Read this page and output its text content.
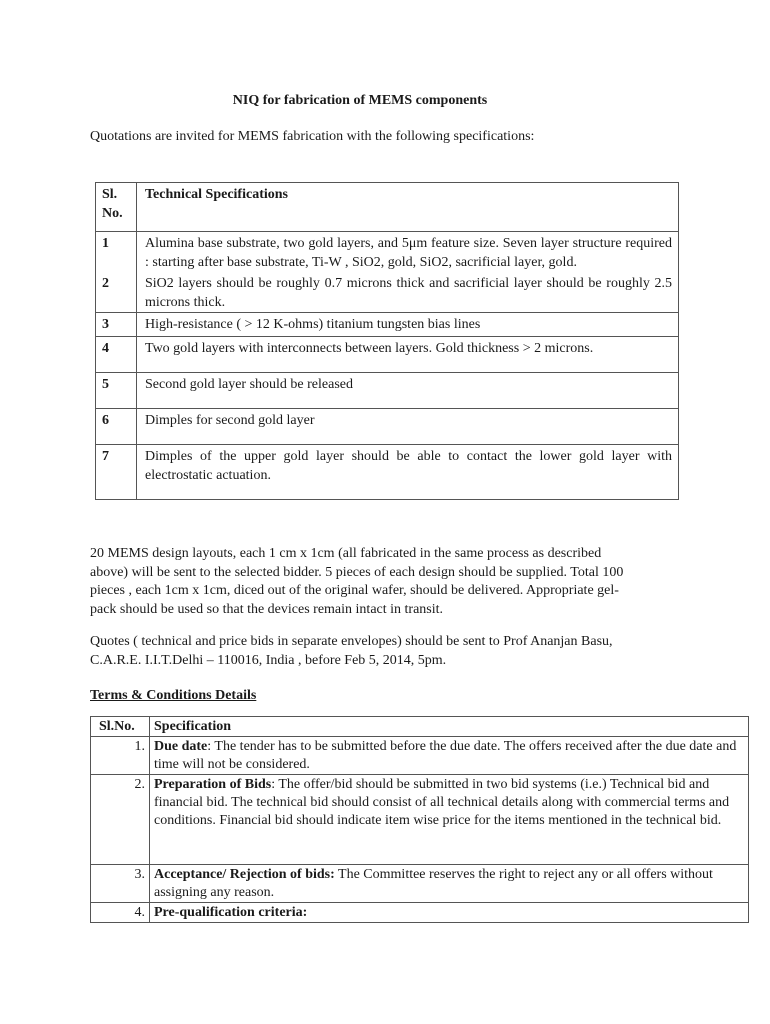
NIQ for fabrication of MEMS components
Quotations are invited for MEMS fabrication with the following specifications:
Sl.
No.	Technical Specifications
1	Alumina base substrate, two gold layers, and 5μm feature size. Seven layer structure required : starting after base substrate, Ti-W , SiO2, gold, SiO2, sacrificial layer, gold.
2	SiO2 layers should be roughly 0.7 microns thick and sacrificial layer should be roughly 2.5 microns thick.
3	High-resistance ( > 12 K-ohms) titanium tungsten bias lines
4	Two gold layers with interconnects between layers. Gold thickness > 2 microns.
5	Second gold layer should be released
6	Dimples for second gold layer
7	Dimples of the upper gold layer should be able to contact the lower gold layer with electrostatic actuation.
20 MEMS design layouts, each 1 cm x 1cm (all fabricated in the same process as described above) will be sent to the selected bidder. 5 pieces of each design should be supplied. Total 100 pieces , each 1cm x 1cm, diced out of the original wafer, should be delivered. Appropriate gel-pack should be used so that the devices remain intact in transit.
Quotes ( technical and price bids in separate envelopes) should be sent to Prof Ananjan Basu,
C.A.R.E. I.I.T.Delhi – 110016, India , before Feb 5, 2014, 5pm.
Terms & Conditions Details
Sl.No.	Specification
1.	Due date: The tender has to be submitted before the due date. The offers received after the due date and time will not be considered.
2.	Preparation of Bids: The offer/bid should be submitted in two bid systems (i.e.) Technical bid and financial bid. The technical bid should consist of all technical details along with commercial terms and conditions. Financial bid should indicate item wise price for the items mentioned in the technical bid.
3.	Acceptance/ Rejection of bids: The Committee reserves the right to reject any or all offers without assigning any reason.
4.	Pre-qualification criteria:
